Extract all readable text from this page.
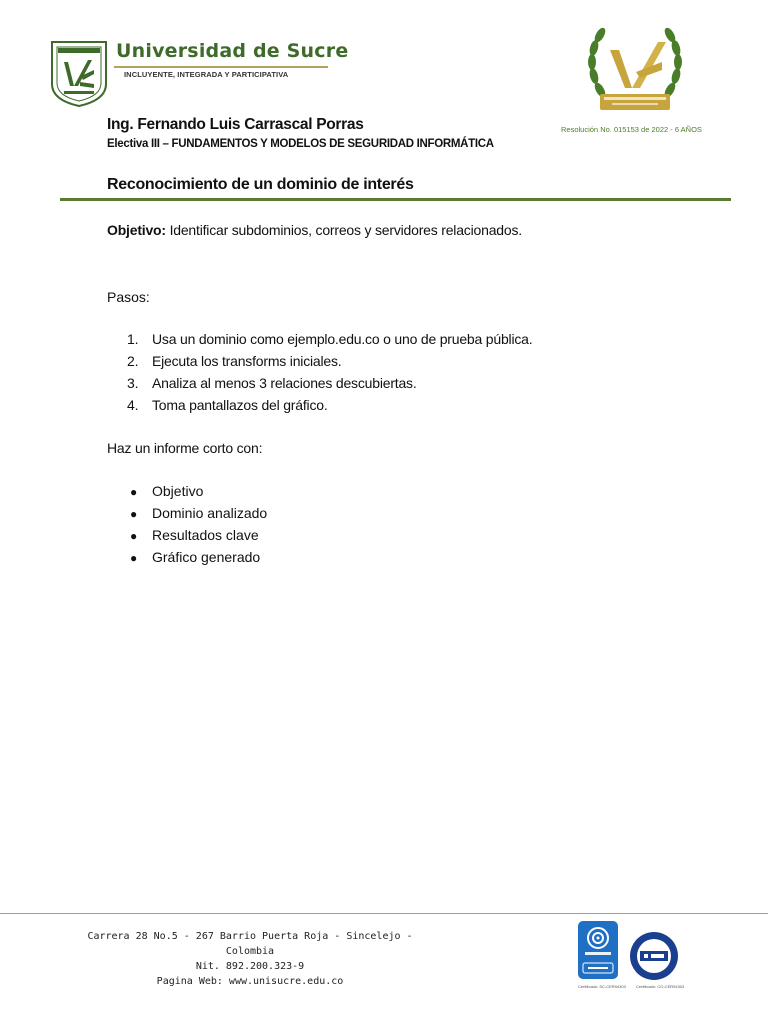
Universidad de Sucre
INCLUYENTE, INTEGRADA Y PARTICIPATIVA
Resolución No. 015153 de 2022 - 6 AÑOS
Ing. Fernando Luis Carrascal Porras
Electiva III – FUNDAMENTOS Y MODELOS DE SEGURIDAD INFORMÁTICA
Reconocimiento de un dominio de interés
Objetivo: Identificar subdominios, correos y servidores relacionados.
Pasos:
1. Usa un dominio como ejemplo.edu.co o uno de prueba pública.
2. Ejecuta los transforms iniciales.
3. Analiza al menos 3 relaciones descubiertas.
4. Toma pantallazos del gráfico.
Haz un informe corto con:
● Objetivo
● Dominio analizado
● Resultados clave
● Gráfico generado
Carrera 28 No.5 - 267 Barrio Puerta Roja - Sincelejo - Colombia
Nit. 892.200.323-9
Pagina Web: www.unisucre.edu.co	Certificado: SC-CER94303	Certificado: CO-CER94303
